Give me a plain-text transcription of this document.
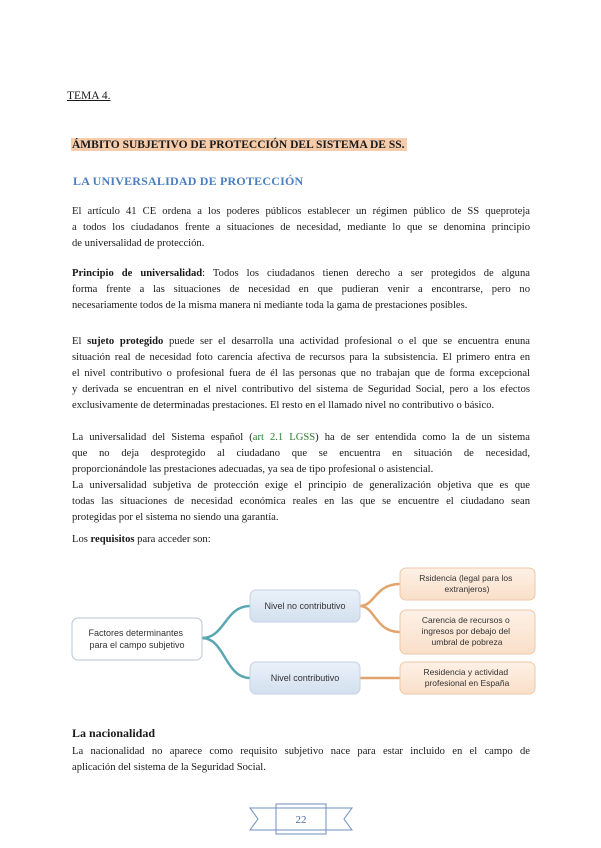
TEMA 4.
ÁMBITO SUBJETIVO DE PROTECCIÓN DEL SISTEMA DE SS.
LA UNIVERSALIDAD DE PROTECCIÓN
El artículo 41 CE ordena a los poderes públicos establecer un régimen público de SS queproteja
a todos los ciudadanos frente a situaciones de necesidad, mediante lo que se denomina principio
de universalidad de protección.
Principio de universalidad: Todos los ciudadanos tienen derecho a ser protegidos de alguna
forma frente a las situaciones de necesidad en que pudieran venir a encontrarse, pero no
necesariamente todos de la misma manera ni mediante toda la gama de prestaciones posibles.
El sujeto protegido puede ser el desarrolla una actividad profesional o el que se encuentra enuna
situación real de necesidad foto carencia afectiva de recursos para la subsistencia. El primero entra en
el nivel contributivo o profesional fuera de él las personas que no trabajan que de forma excepcional
y derivada se encuentran en el nivel contributivo del sistema de Seguridad Social, pero a los efectos
exclusivamente de determinadas prestaciones. El resto en el llamado nivel no contributivo o básico.
La universalidad del Sistema español (art 2.1 LGSS) ha de ser entendida como la de un sistema
que no deja desprotegido al ciudadano que se encuentra en situación de necesidad,
proporcionándole las prestaciones adecuadas, ya sea de tipo profesional o asistencial.
La universalidad subjetiva de protección exige el principio de generalización objetiva que es que
todas las situaciones de necesidad económica reales en las que se encuentre el ciudadano sean
protegidas por el sistema no siendo una garantía.
Los requisitos para acceder son:
Factores determinantes para el campo subjetivo
Nivel no contributivo
Nivel contributivo
Rsidencia (legal para los extranjeros)
Carencia de recursos o ingresos por debajo del umbral de pobreza
Residencia y actividad profesional en España
La nacionalidad
La nacionalidad no aparece como requisito subjetivo nace para estar incluido en el campo de
aplicación del sistema de la Seguridad Social.
22
